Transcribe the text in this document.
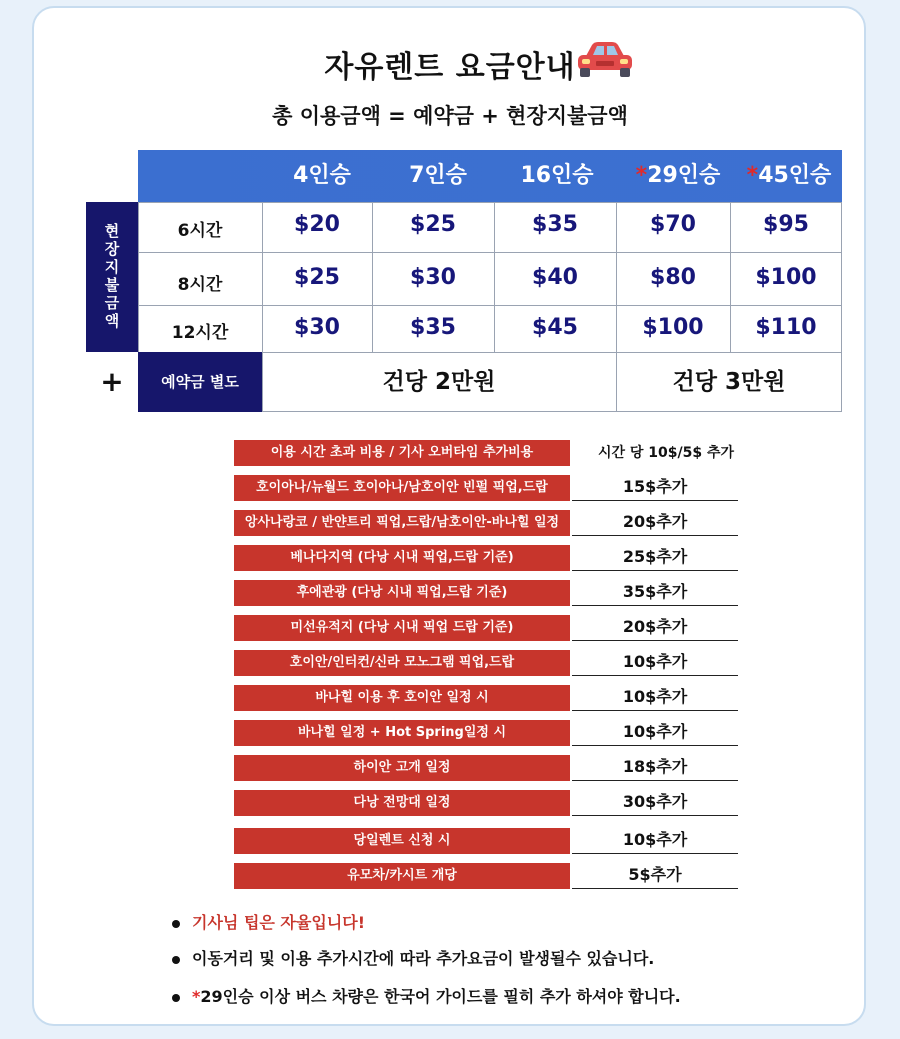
자유렌트 요금안내
총 이용금액 = 예약금 + 현장지불금액
4인승	7인승	16인승	*29인승	*45인승
현장지불금액	6시간	$20	$25	$35	$70	$95
8시간	$25	$30	$40	$80	$100
12시간	$30	$35	$45	$100	$110
+	예약금 별도	건당 2만원	건당 3만원
이용 시간 초과 비용 / 기사 오버타임 추가비용	시간 당 10$/5$ 추가
호이아나/뉴월드 호이아나/남호이안 빈펄 픽업,드랍	15$추가
앙사나랑코 / 반얀트리 픽업,드랍/남호이안-바나힐 일정	20$추가
베나다지역 (다낭 시내 픽업,드랍 기준)	25$추가
후에관광 (다낭 시내 픽업,드랍 기준)	35$추가
미선유적지 (다낭 시내 픽업 드랍 기준)	20$추가
호이안/인터컨/신라 모노그램 픽업,드랍	10$추가
바나힐 이용 후 호이안 일정 시	10$추가
바나힐 일정 + Hot Spring일정 시	10$추가
하이안 고개 일정	18$추가
다낭 전망대 일정	30$추가
당일렌트 신청 시	10$추가
유모차/카시트 개당	5$추가
기사님 팁은 자율입니다!
이동거리 및 이용 추가시간에 따라 추가요금이 발생될수 있습니다.
*29인승 이상 버스 차량은 한국어 가이드를 필히 추가 하셔야 합니다.
